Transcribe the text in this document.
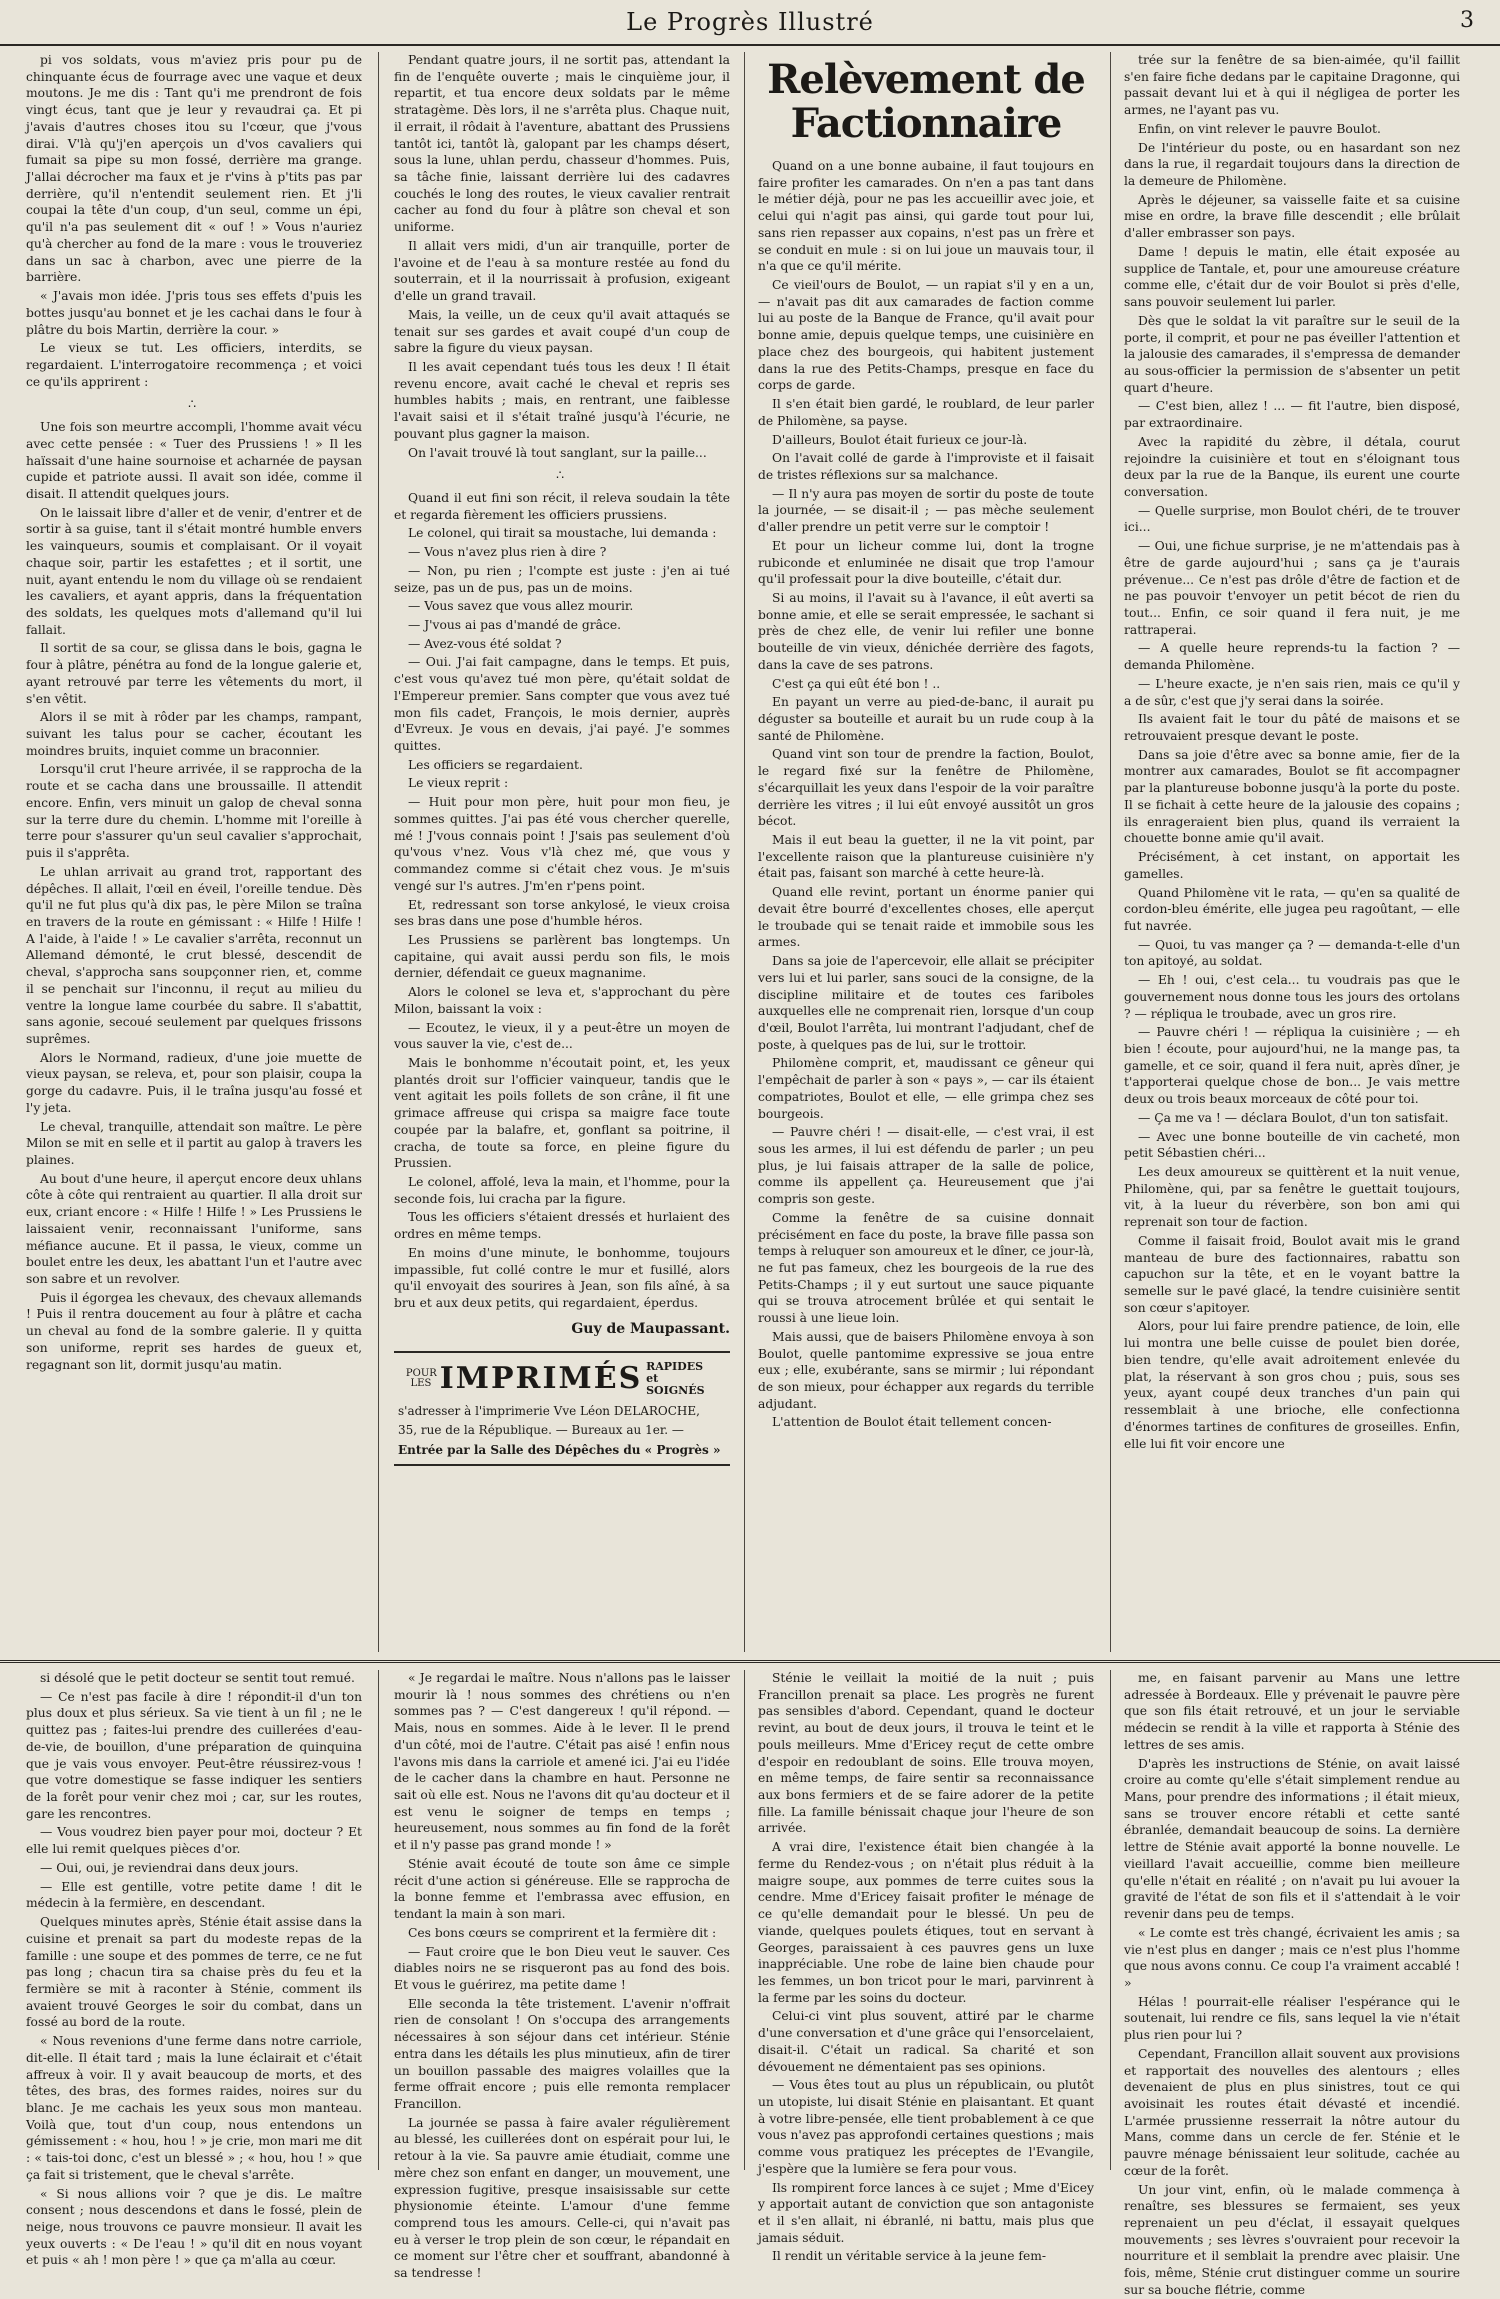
Le Progrès Illustré	3

pi vos soldats, vous m'aviez pris pour pu de chinquante écus de fourrage avec une vaque et deux moutons. Je me dis : Tant qu'i me prendront de fois vingt écus, tant que je leur y revaudrai ça. Et pi j'avais d'autres choses itou su l'cœur, que j'vous dirai. V'là qu'j'en aperçois un d'vos cavaliers qui fumait sa pipe su mon fossé, derrière ma grange. J'allai décrocher ma faux et je r'vins à p'tits pas par derrière, qu'il n'entendit seulement rien. Et j'li coupai la tête d'un coup, d'un seul, comme un épi, qu'il n'a pas seulement dit « ouf ! » Vous n'auriez qu'à chercher au fond de la mare : vous le trouveriez dans un sac à charbon, avec une pierre de la barrière.

« J'avais mon idée. J'pris tous ses effets d'puis les bottes jusqu'au bonnet et je les cachai dans le four à plâtre du bois Martin, derrière la cour. »

Le vieux se tut. Les officiers, interdits, se regardaient. L'interrogatoire recommença ; et voici ce qu'ils apprirent :

∴

Une fois son meurtre accompli, l'homme avait vécu avec cette pensée : « Tuer des Prussiens ! » Il les haïssait d'une haine sournoise et acharnée de paysan cupide et patriote aussi. Il avait son idée, comme il disait. Il attendit quelques jours.

On le laissait libre d'aller et de venir, d'entrer et de sortir à sa guise, tant il s'était montré humble envers les vainqueurs, soumis et complaisant. Or il voyait chaque soir, partir les estafettes ; et il sortit, une nuit, ayant entendu le nom du village où se rendaient les cavaliers, et ayant appris, dans la fréquentation des soldats, les quelques mots d'allemand qu'il lui fallait.

Il sortit de sa cour, se glissa dans le bois, gagna le four à plâtre, pénétra au fond de la longue galerie et, ayant retrouvé par terre les vêtements du mort, il s'en vêtit.

Alors il se mit à rôder par les champs, rampant, suivant les talus pour se cacher, écoutant les moindres bruits, inquiet comme un braconnier.

Lorsqu'il crut l'heure arrivée, il se rapprocha de la route et se cacha dans une broussaille. Il attendit encore. Enfin, vers minuit un galop de cheval sonna sur la terre dure du chemin. L'homme mit l'oreille à terre pour s'assurer qu'un seul cavalier s'approchait, puis il s'apprêta.

Le uhlan arrivait au grand trot, rapportant des dépêches. Il allait, l'œil en éveil, l'oreille tendue. Dès qu'il ne fut plus qu'à dix pas, le père Milon se traîna en travers de la route en gémissant : « Hilfe ! Hilfe ! A l'aide, à l'aide ! » Le cavalier s'arrêta, reconnut un Allemand démonté, le crut blessé, descendit de cheval, s'approcha sans soupçonner rien, et, comme il se penchait sur l'inconnu, il reçut au milieu du ventre la longue lame courbée du sabre. Il s'abattit, sans agonie, secoué seulement par quelques frissons suprêmes.

Alors le Normand, radieux, d'une joie muette de vieux paysan, se releva, et, pour son plaisir, coupa la gorge du cadavre. Puis, il le traîna jusqu'au fossé et l'y jeta.

Le cheval, tranquille, attendait son maître. Le père Milon se mit en selle et il partit au galop à travers les plaines.

Au bout d'une heure, il aperçut encore deux uhlans côte à côte qui rentraient au quartier. Il alla droit sur eux, criant encore : « Hilfe ! Hilfe ! » Les Prussiens le laissaient venir, reconnaissant l'uniforme, sans méfiance aucune. Et il passa, le vieux, comme un boulet entre les deux, les abattant l'un et l'autre avec son sabre et un revolver.

Puis il égorgea les chevaux, des chevaux allemands ! Puis il rentra doucement au four à plâtre et cacha un cheval au fond de la sombre galerie. Il y quitta son uniforme, reprit ses hardes de gueux et, regagnant son lit, dormit jusqu'au matin.

Pendant quatre jours, il ne sortit pas, attendant la fin de l'enquête ouverte ; mais le cinquième jour, il repartit, et tua encore deux soldats par le même stratagème. Dès lors, il ne s'arrêta plus. Chaque nuit, il errait, il rôdait à l'aventure, abattant des Prussiens tantôt ici, tantôt là, galopant par les champs désert, sous la lune, uhlan perdu, chasseur d'hommes. Puis, sa tâche finie, laissant derrière lui des cadavres couchés le long des routes, le vieux cavalier rentrait cacher au fond du four à plâtre son cheval et son uniforme.

Il allait vers midi, d'un air tranquille, porter de l'avoine et de l'eau à sa monture restée au fond du souterrain, et il la nourrissait à profusion, exigeant d'elle un grand travail.

Mais, la veille, un de ceux qu'il avait attaqués se tenait sur ses gardes et avait coupé d'un coup de sabre la figure du vieux paysan.

Il les avait cependant tués tous les deux ! Il était revenu encore, avait caché le cheval et repris ses humbles habits ; mais, en rentrant, une faiblesse l'avait saisi et il s'était traîné jusqu'à l'écurie, ne pouvant plus gagner la maison.

On l'avait trouvé là tout sanglant, sur la paille...

∴

Quand il eut fini son récit, il releva soudain la tête et regarda fièrement les officiers prussiens.

Le colonel, qui tirait sa moustache, lui demanda :

— Vous n'avez plus rien à dire ?

— Non, pu rien ; l'compte est juste : j'en ai tué seize, pas un de pus, pas un de moins.

— Vous savez que vous allez mourir.

— J'vous ai pas d'mandé de grâce.

— Avez-vous été soldat ?

— Oui. J'ai fait campagne, dans le temps. Et puis, c'est vous qu'avez tué mon père, qu'était soldat de l'Empereur premier. Sans compter que vous avez tué mon fils cadet, François, le mois dernier, auprès d'Evreux. Je vous en devais, j'ai payé. J'e sommes quittes.

Les officiers se regardaient.

Le vieux reprit :

— Huit pour mon père, huit pour mon fieu, je sommes quittes. J'ai pas été vous chercher querelle, mé ! J'vous connais point ! J'sais pas seulement d'où qu'vous v'nez. Vous v'là chez mé, que vous y commandez comme si c'était chez vous. Je m'suis vengé sur l's autres. J'm'en r'pens point.

Et, redressant son torse ankylosé, le vieux croisa ses bras dans une pose d'humble héros.

Les Prussiens se parlèrent bas longtemps. Un capitaine, qui avait aussi perdu son fils, le mois dernier, défendait ce gueux magnanime.

Alors le colonel se leva et, s'approchant du père Milon, baissant la voix :

— Ecoutez, le vieux, il y a peut-être un moyen de vous sauver la vie, c'est de...

Mais le bonhomme n'écoutait point, et, les yeux plantés droit sur l'officier vainqueur, tandis que le vent agitait les poils follets de son crâne, il fit une grimace affreuse qui crispa sa maigre face toute coupée par la balafre, et, gonflant sa poitrine, il cracha, de toute sa force, en pleine figure du Prussien.

Le colonel, affolé, leva la main, et l'homme, pour la seconde fois, lui cracha par la figure.

Tous les officiers s'étaient dressés et hurlaient des ordres en même temps.

En moins d'une minute, le bonhomme, toujours impassible, fut collé contre le mur et fusillé, alors qu'il envoyait des sourires à Jean, son fils aîné, à sa bru et aux deux petits, qui regardaient, éperdus.

Guy de Maupassant.
POUR LES IMPRIMÉS RAPIDES et SOIGNÉS
s'adresser à l'imprimerie Vve Léon DELAROCHE,
35, rue de la République. — Bureaux au 1er. —
Entrée par la Salle des Dépêches du « Progrès »
Relèvement de Factionnaire

Quand on a une bonne aubaine, il faut toujours en faire profiter les camarades. On n'en a pas tant dans le métier déjà, pour ne pas les accueillir avec joie, et celui qui n'agit pas ainsi, qui garde tout pour lui, sans rien repasser aux copains, n'est pas un frère et se conduit en mule : si on lui joue un mauvais tour, il n'a que ce qu'il mérite.

Ce vieil'ours de Boulot, — un rapiat s'il y en a un, — n'avait pas dit aux camarades de faction comme lui au poste de la Banque de France, qu'il avait pour bonne amie, depuis quelque temps, une cuisinière en place chez des bourgeois, qui habitent justement dans la rue des Petits-Champs, presque en face du corps de garde.

Il s'en était bien gardé, le roublard, de leur parler de Philomène, sa payse.

D'ailleurs, Boulot était furieux ce jour-là.

On l'avait collé de garde à l'improviste et il faisait de tristes réflexions sur sa malchance.

— Il n'y aura pas moyen de sortir du poste de toute la journée, — se disait-il ; — pas mèche seulement d'aller prendre un petit verre sur le comptoir !

Et pour un licheur comme lui, dont la trogne rubiconde et enluminée ne disait que trop l'amour qu'il professait pour la dive bouteille, c'était dur.

Si au moins, il l'avait su à l'avance, il eût averti sa bonne amie, et elle se serait empressée, le sachant si près de chez elle, de venir lui refiler une bonne bouteille de vin vieux, dénichée derrière des fagots, dans la cave de ses patrons.

C'est ça qui eût été bon ! ..

En payant un verre au pied-de-banc, il aurait pu déguster sa bouteille et aurait bu un rude coup à la santé de Philomène.

Quand vint son tour de prendre la faction, Boulot, le regard fixé sur la fenêtre de Philomène, s'écarquillait les yeux dans l'espoir de la voir paraître derrière les vitres ; il lui eût envoyé aussitôt un gros bécot.

Mais il eut beau la guetter, il ne la vit point, par l'excellente raison que la plantureuse cuisinière n'y était pas, faisant son marché à cette heure-là.

Quand elle revint, portant un énorme panier qui devait être bourré d'excellentes choses, elle aperçut le troubade qui se tenait raide et immobile sous les armes.

Dans sa joie de l'apercevoir, elle allait se précipiter vers lui et lui parler, sans souci de la consigne, de la discipline militaire et de toutes ces fariboles auxquelles elle ne comprenait rien, lorsque d'un coup d'œil, Boulot l'arrêta, lui montrant l'adjudant, chef de poste, à quelques pas de lui, sur le trottoir.

Philomène comprit, et, maudissant ce gêneur qui l'empêchait de parler à son « pays », — car ils étaient compatriotes, Boulot et elle, — elle grimpa chez ses bourgeois.

— Pauvre chéri ! — disait-elle, — c'est vrai, il est sous les armes, il lui est défendu de parler ; un peu plus, je lui faisais attraper de la salle de police, comme ils appellent ça. Heureusement que j'ai compris son geste.

Comme la fenêtre de sa cuisine donnait précisément en face du poste, la brave fille passa son temps à reluquer son amoureux et le dîner, ce jour-là, ne fut pas fameux, chez les bourgeois de la rue des Petits-Champs ; il y eut surtout une sauce piquante qui se trouva atrocement brûlée et qui sentait le roussi à une lieue loin.

Mais aussi, que de baisers Philomène envoya à son Boulot, quelle pantomime expressive se joua entre eux ; elle, exubérante, sans se mirmir ; lui répondant de son mieux, pour échapper aux regards du terrible adjudant.

L'attention de Boulot était tellement concen-

trée sur la fenêtre de sa bien-aimée, qu'il faillit s'en faire fiche dedans par le capitaine Dragonne, qui passait devant lui et à qui il négligea de porter les armes, ne l'ayant pas vu.

Enfin, on vint relever le pauvre Boulot.

De l'intérieur du poste, ou en hasardant son nez dans la rue, il regardait toujours dans la direction de la demeure de Philomène.

Après le déjeuner, sa vaisselle faite et sa cuisine mise en ordre, la brave fille descendit ; elle brûlait d'aller embrasser son pays.

Dame ! depuis le matin, elle était exposée au supplice de Tantale, et, pour une amoureuse créature comme elle, c'était dur de voir Boulot si près d'elle, sans pouvoir seulement lui parler.

Dès que le soldat la vit paraître sur le seuil de la porte, il comprit, et pour ne pas éveiller l'attention et la jalousie des camarades, il s'empressa de demander au sous-officier la permission de s'absenter un petit quart d'heure.

— C'est bien, allez ! ... — fit l'autre, bien disposé, par extraordinaire.

Avec la rapidité du zèbre, il détala, courut rejoindre la cuisinière et tout en s'éloignant tous deux par la rue de la Banque, ils eurent une courte conversation.

— Quelle surprise, mon Boulot chéri, de te trouver ici...

— Oui, une fichue surprise, je ne m'attendais pas à être de garde aujourd'hui ; sans ça je t'aurais prévenue... Ce n'est pas drôle d'être de faction et de ne pas pouvoir t'envoyer un petit bécot de rien du tout... Enfin, ce soir quand il fera nuit, je me rattraperai.

— A quelle heure reprends-tu la faction ? — demanda Philomène.

— L'heure exacte, je n'en sais rien, mais ce qu'il y a de sûr, c'est que j'y serai dans la soirée.

Ils avaient fait le tour du pâté de maisons et se retrouvaient presque devant le poste.

Dans sa joie d'être avec sa bonne amie, fier de la montrer aux camarades, Boulot se fit accompagner par la plantureuse bobonne jusqu'à la porte du poste. Il se fichait à cette heure de la jalousie des copains ; ils enrageraient bien plus, quand ils verraient la chouette bonne amie qu'il avait.

Précisément, à cet instant, on apportait les gamelles.

Quand Philomène vit le rata, — qu'en sa qualité de cordon-bleu émérite, elle jugea peu ragoûtant, — elle fut navrée.

— Quoi, tu vas manger ça ? — demanda-t-elle d'un ton apitoyé, au soldat.

— Eh ! oui, c'est cela... tu voudrais pas que le gouvernement nous donne tous les jours des ortolans ? — répliqua le troubade, avec un gros rire.

— Pauvre chéri ! — répliqua la cuisinière ; — eh bien ! écoute, pour aujourd'hui, ne la mange pas, ta gamelle, et ce soir, quand il fera nuit, après dîner, je t'apporterai quelque chose de bon... Je vais mettre deux ou trois beaux morceaux de côté pour toi.

— Ça me va ! — déclara Boulot, d'un ton satisfait.

— Avec une bonne bouteille de vin cacheté, mon petit Sébastien chéri...

Les deux amoureux se quittèrent et la nuit venue, Philomène, qui, par sa fenêtre le guettait toujours, vit, à la lueur du réverbère, son bon ami qui reprenait son tour de faction.

Comme il faisait froid, Boulot avait mis le grand manteau de bure des factionnaires, rabattu son capuchon sur la tête, et en le voyant battre la semelle sur le pavé glacé, la tendre cuisinière sentit son cœur s'apitoyer.

Alors, pour lui faire prendre patience, de loin, elle lui montra une belle cuisse de poulet bien dorée, bien tendre, qu'elle avait adroitement enlevée du plat, la réservant à son gros chou ; puis, sous ses yeux, ayant coupé deux tranches d'un pain qui ressemblait à une brioche, elle confectionna d'énormes tartines de confitures de groseilles. Enfin, elle lui fit voir encore une

si désolé que le petit docteur se sentit tout remué.

— Ce n'est pas facile à dire ! répondit-il d'un ton plus doux et plus sérieux. Sa vie tient à un fil ; ne le quittez pas ; faites-lui prendre des cuillerées d'eau-de-vie, de bouillon, d'une préparation de quinquina que je vais vous envoyer. Peut-être réussirez-vous ! que votre domestique se fasse indiquer les sentiers de la forêt pour venir chez moi ; car, sur les routes, gare les rencontres.

— Vous voudrez bien payer pour moi, docteur ? Et elle lui remit quelques pièces d'or.

— Oui, oui, je reviendrai dans deux jours.

— Elle est gentille, votre petite dame ! dit le médecin à la fermière, en descendant.

Quelques minutes après, Sténie était assise dans la cuisine et prenait sa part du modeste repas de la famille : une soupe et des pommes de terre, ce ne fut pas long ; chacun tira sa chaise près du feu et la fermière se mit à raconter à Sténie, comment ils avaient trouvé Georges le soir du combat, dans un fossé au bord de la route.

« Nous revenions d'une ferme dans notre carriole, dit-elle. Il était tard ; mais la lune éclairait et c'était affreux à voir. Il y avait beaucoup de morts, et des têtes, des bras, des formes raides, noires sur du blanc. Je me cachais les yeux sous mon manteau. Voilà que, tout d'un coup, nous entendons un gémissement : « hou, hou ! » je crie, mon mari me dit : « tais-toi donc, c'est un blessé » ; « hou, hou ! » que ça fait si tristement, que le cheval s'arrête.

« Si nous allions voir ? que je dis. Le maître consent ; nous descendons et dans le fossé, plein de neige, nous trouvons ce pauvre monsieur. Il avait les yeux ouverts : « De l'eau ! » qu'il dit en nous voyant et puis « ah ! mon père ! » que ça m'alla au cœur.

« Je regardai le maître. Nous n'allons pas le laisser mourir là ! nous sommes des chrétiens ou n'en sommes pas ? — C'est dangereux ! qu'il répond. — Mais, nous en sommes. Aide à le lever. Il le prend d'un côté, moi de l'autre. C'était pas aisé ! enfin nous l'avons mis dans la carriole et amené ici. J'ai eu l'idée de le cacher dans la chambre en haut. Personne ne sait où elle est. Nous ne l'avons dit qu'au docteur et il est venu le soigner de temps en temps ; heureusement, nous sommes au fin fond de la forêt et il n'y passe pas grand monde ! »

Sténie avait écouté de toute son âme ce simple récit d'une action si généreuse. Elle se rapprocha de la bonne femme et l'embrassa avec effusion, en tendant la main à son mari.

Ces bons cœurs se comprirent et la fermière dit :

— Faut croire que le bon Dieu veut le sauver. Ces diables noirs ne se risqueront pas au fond des bois. Et vous le guérirez, ma petite dame !

Elle seconda la tête tristement. L'avenir n'offrait rien de consolant ! On s'occupa des arrangements nécessaires à son séjour dans cet intérieur. Sténie entra dans les détails les plus minutieux, afin de tirer un bouillon passable des maigres volailles que la ferme offrait encore ; puis elle remonta remplacer Francillon.

La journée se passa à faire avaler régulièrement au blessé, les cuillerées dont on espérait pour lui, le retour à la vie. Sa pauvre amie étudiait, comme une mère chez son enfant en danger, un mouvement, une expression fugitive, presque insaisissable sur cette physionomie éteinte. L'amour d'une femme comprend tous les amours. Celle-ci, qui n'avait pas eu à verser le trop plein de son cœur, le répandait en ce moment sur l'être cher et souffrant, abandonné à sa tendresse !

Sténie le veillait la moitié de la nuit ; puis Francillon prenait sa place. Les progrès ne furent pas sensibles d'abord. Cependant, quand le docteur revint, au bout de deux jours, il trouva le teint et le pouls meilleurs. Mme d'Ericey reçut de cette ombre d'espoir en redoublant de soins. Elle trouva moyen, en même temps, de faire sentir sa reconnaissance aux bons fermiers et de se faire adorer de la petite fille. La famille bénissait chaque jour l'heure de son arrivée.

A vrai dire, l'existence était bien changée à la ferme du Rendez-vous ; on n'était plus réduit à la maigre soupe, aux pommes de terre cuites sous la cendre. Mme d'Ericey faisait profiter le ménage de ce qu'elle demandait pour le blessé. Un peu de viande, quelques poulets étiques, tout en servant à Georges, paraissaient à ces pauvres gens un luxe inappréciable. Une robe de laine bien chaude pour les femmes, un bon tricot pour le mari, parvinrent à la ferme par les soins du docteur.

Celui-ci vint plus souvent, attiré par le charme d'une conversation et d'une grâce qui l'ensorcelaient, disait-il. C'était un radical. Sa charité et son dévouement ne démentaient pas ses opinions.

— Vous êtes tout au plus un républicain, ou plutôt un utopiste, lui disait Sténie en plaisantant. Et quant à votre libre-pensée, elle tient probablement à ce que vous n'avez pas approfondi certaines questions ; mais comme vous pratiquez les préceptes de l'Evangile, j'espère que la lumière se fera pour vous.

Ils rompirent force lances à ce sujet ; Mme d'Eicey y apportait autant de conviction que son antagoniste et il s'en allait, ni ébranlé, ni battu, mais plus que jamais séduit.

Il rendit un véritable service à la jeune fem-

me, en faisant parvenir au Mans une lettre adressée à Bordeaux. Elle y prévenait le pauvre père que son fils était retrouvé, et un jour le serviable médecin se rendit à la ville et rapporta à Sténie des lettres de ses amis.

D'après les instructions de Sténie, on avait laissé croire au comte qu'elle s'était simplement rendue au Mans, pour prendre des informations ; il était mieux, sans se trouver encore rétabli et cette santé ébranlée, demandait beaucoup de soins. La dernière lettre de Sténie avait apporté la bonne nouvelle. Le vieillard l'avait accueillie, comme bien meilleure qu'elle n'était en réalité ; on n'avait pu lui avouer la gravité de l'état de son fils et il s'attendait à le voir revenir dans peu de temps.

« Le comte est très changé, écrivaient les amis ; sa vie n'est plus en danger ; mais ce n'est plus l'homme que nous avons connu. Ce coup l'a vraiment accablé ! »

Hélas ! pourrait-elle réaliser l'espérance qui le soutenait, lui rendre ce fils, sans lequel la vie n'était plus rien pour lui ?

Cependant, Francillon allait souvent aux provisions et rapportait des nouvelles des alentours ; elles devenaient de plus en plus sinistres, tout ce qui avoisinait les routes était dévasté et incendié. L'armée prussienne resserrait la nôtre autour du Mans, comme dans un cercle de fer. Sténie et le pauvre ménage bénissaient leur solitude, cachée au cœur de la forêt.

Un jour vint, enfin, où le malade commença à renaître, ses blessures se fermaient, ses yeux reprenaient un peu d'éclat, il essayait quelques mouvements ; ses lèvres s'ouvraient pour recevoir la nourriture et il semblait la prendre avec plaisir. Une fois, même, Sténie crut distinguer comme un sourire sur sa bouche flétrie, comme
